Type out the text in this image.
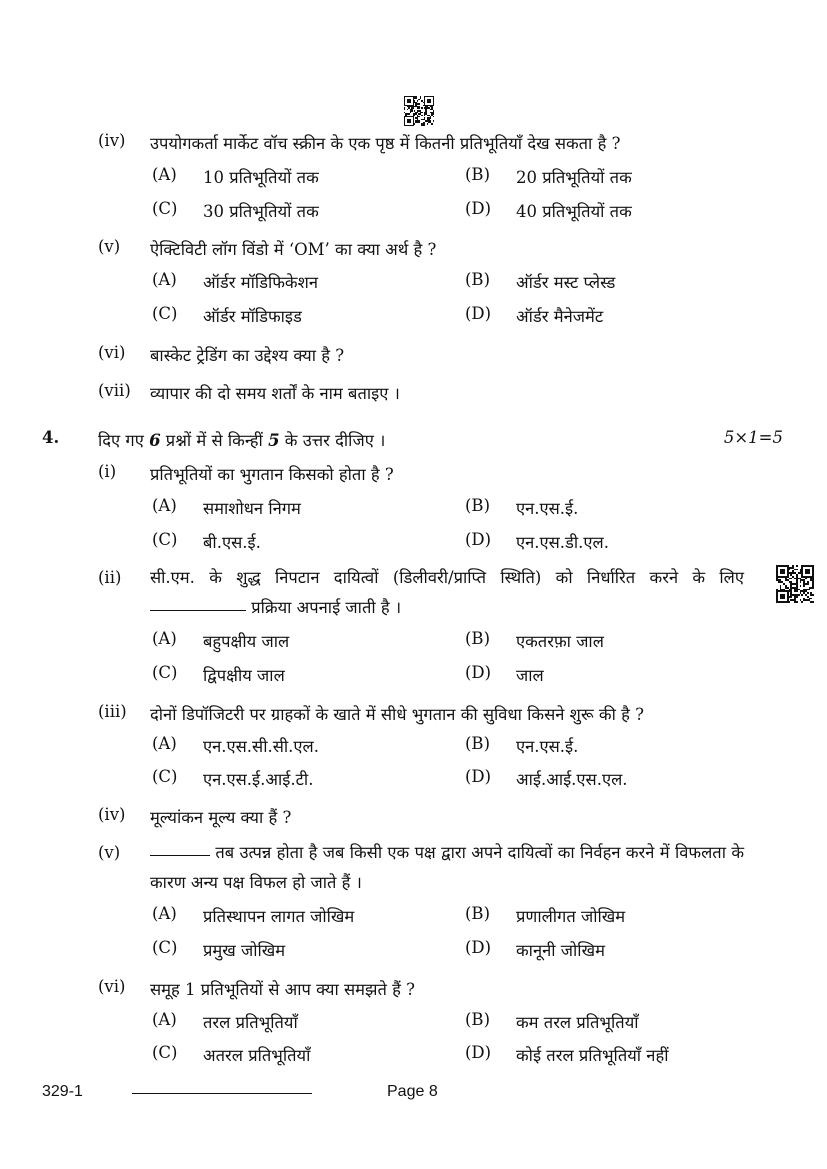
(iv) उपयोगकर्ता मार्केट वॉच स्क्रीन के एक पृष्ठ में कितनी प्रतिभूतियाँ देख सकता है ?
(A) 10 प्रतिभूतियों तक	(B) 20 प्रतिभूतियों तक
(C) 30 प्रतिभूतियों तक	(D) 40 प्रतिभूतियों तक
(v) ऐक्टिविटी लॉग विंडो में ‘OM’ का क्या अर्थ है ?
(A) ऑर्डर मॉडिफिकेशन	(B) ऑर्डर मस्ट प्लेस्ड
(C) ऑर्डर मॉडिफाइड	(D) ऑर्डर मैनेजमेंट
(vi) बास्केट ट्रेडिंग का उद्देश्य क्या है ?
(vii) व्यापार की दो समय शर्तों के नाम बताइए ।
4. दिए गए 6 प्रश्नों में से किन्हीं 5 के उत्तर दीजिए ।	5×1=5
(i) प्रतिभूतियों का भुगतान किसको होता है ?
(A) समाशोधन निगम	(B) एन.एस.ई.
(C) बी.एस.ई.	(D) एन.एस.डी.एल.
(ii) सी.एम. के शुद्ध निपटान दायित्वों (डिलीवरी/प्राप्ति स्थिति) को निर्धारित करने के लिए  प्रक्रिया अपनाई जाती है ।
(A) बहुपक्षीय जाल	(B) एकतरफ़ा जाल
(C) द्विपक्षीय जाल	(D) जाल
(iii) दोनों डिपॉजिटरी पर ग्राहकों के खाते में सीधे भुगतान की सुविधा किसने शुरू की है ?
(A) एन.एस.सी.सी.एल.	(B) एन.एस.ई.
(C) एन.एस.ई.आई.टी.	(D) आई.आई.एस.एल.
(iv) मूल्यांकन मूल्य क्या हैं ?
(v)	तब उत्पन्न होता है जब किसी एक पक्ष द्वारा अपने दायित्वों का निर्वहन करने में विफलता के कारण अन्य पक्ष विफल हो जाते हैं ।
(A) प्रतिस्थापन लागत जोखिम	(B) प्रणालीगत जोखिम
(C) प्रमुख जोखिम	(D) कानूनी जोखिम
(vi) समूह 1 प्रतिभूतियों से आप क्या समझते हैं ?
(A) तरल प्रतिभूतियाँ	(B) कम तरल प्रतिभूतियाँ
(C) अतरल प्रतिभूतियाँ	(D) कोई तरल प्रतिभूतियाँ नहीं
329-1	Page 8
